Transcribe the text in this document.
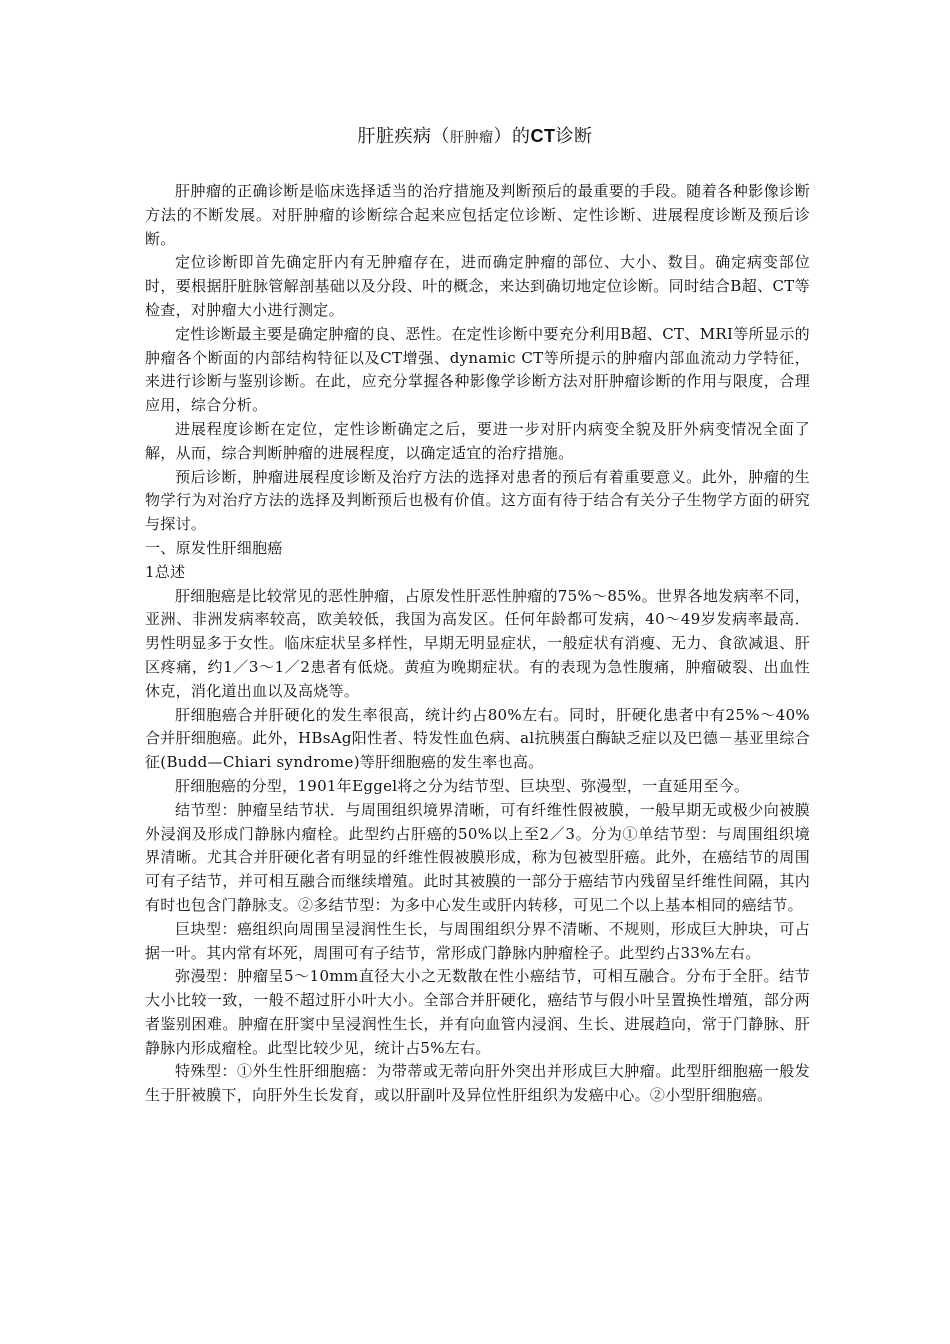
肝脏疾病（肝肿瘤）的CT诊断

肝肿瘤的正确诊断是临床选择适当的治疗措施及判断预后的最重要的手段。随着各种影像诊断方法的不断发展。对肝肿瘤的诊断综合起来应包括定位诊断、定性诊断、进展程度诊断及预后诊断。

定位诊断即首先确定肝内有无肿瘤存在，进而确定肿瘤的部位、大小、数目。确定病变部位时，要根据肝脏脉管解剖基础以及分段、叶的概念，来达到确切地定位诊断。同时结合B超、CT等检查，对肿瘤大小进行测定。

定性诊断最主要是确定肿瘤的良、恶性。在定性诊断中要充分利用B超、CT、MRI等所显示的肿瘤各个断面的内部结构特征以及CT增强、dynamic CT等所提示的肿瘤内部血流动力学特征，来进行诊断与鉴别诊断。在此，应充分掌握各种影像学诊断方法对肝肿瘤诊断的作用与限度，合理应用，综合分析。

进展程度诊断在定位，定性诊断确定之后，要进一步对肝内病变全貌及肝外病变情况全面了解，从而，综合判断肿瘤的进展程度，以确定适宜的治疗措施。

预后诊断，肿瘤进展程度诊断及治疗方法的选择对患者的预后有着重要意义。此外，肿瘤的生物学行为对治疗方法的选择及判断预后也极有价值。这方面有待于结合有关分子生物学方面的研究与探讨。

一、原发性肝细胞癌

1总述

肝细胞癌是比较常见的恶性肿瘤，占原发性肝恶性肿瘤的75%～85%。世界各地发病率不同，亚洲、非洲发病率较高，欧美较低，我国为高发区。任何年龄都可发病，40～49岁发病率最高．男性明显多于女性。临床症状呈多样性，早期无明显症状，一般症状有消瘦、无力、食欲减退、肝区疼痛，约1／3～1／2患者有低烧。黄疸为晚期症状。有的表现为急性腹痛，肿瘤破裂、出血性休克，消化道出血以及高烧等。

肝细胞癌合并肝硬化的发生率很高，统计约占80%左右。同时，肝硬化患者中有25%～40%合并肝细胞癌。此外，HBsAg阳性者、特发性血色病、al抗胰蛋白酶缺乏症以及巴德－基亚里综合征(Budd—Chiari syndrome)等肝细胞癌的发生率也高。

肝细胞癌的分型，1901年Eggel将之分为结节型、巨块型、弥漫型，一直延用至今。

结节型：肿瘤呈结节状．与周围组织境界清晰，可有纤维性假被膜，一般早期无或极少向被膜外浸润及形成门静脉内瘤栓。此型约占肝癌的50%以上至2／3。分为①单结节型：与周围组织境界清晰。尤其合并肝硬化者有明显的纤维性假被膜形成，称为包被型肝癌。此外，在癌结节的周围可有子结节，并可相互融合而继续增殖。此时其被膜的一部分于癌结节内残留呈纤维性间隔，其内有时也包含门静脉支。②多结节型：为多中心发生或肝内转移，可见二个以上基本相同的癌结节。

巨块型：癌组织向周围呈浸润性生长，与周围组织分界不清晰、不规则，形成巨大肿块，可占据一叶。其内常有坏死，周围可有子结节，常形成门静脉内肿瘤栓子。此型约占33%左右。

弥漫型：肿瘤呈5～10mm直径大小之无数散在性小癌结节，可相互融合。分布于全肝。结节大小比较一致，一般不超过肝小叶大小。全部合并肝硬化，癌结节与假小叶呈置换性增殖，部分两者鉴别困难。肿瘤在肝窦中呈浸润性生长，并有向血管内浸润、生长、进展趋向，常于门静脉、肝静脉内形成瘤栓。此型比较少见，统计占5%左右。

特殊型：①外生性肝细胞癌：为带蒂或无蒂向肝外突出并形成巨大肿瘤。此型肝细胞癌一般发生于肝被膜下，向肝外生长发育，或以肝副叶及异位性肝组织为发癌中心。②小型肝细胞癌。
